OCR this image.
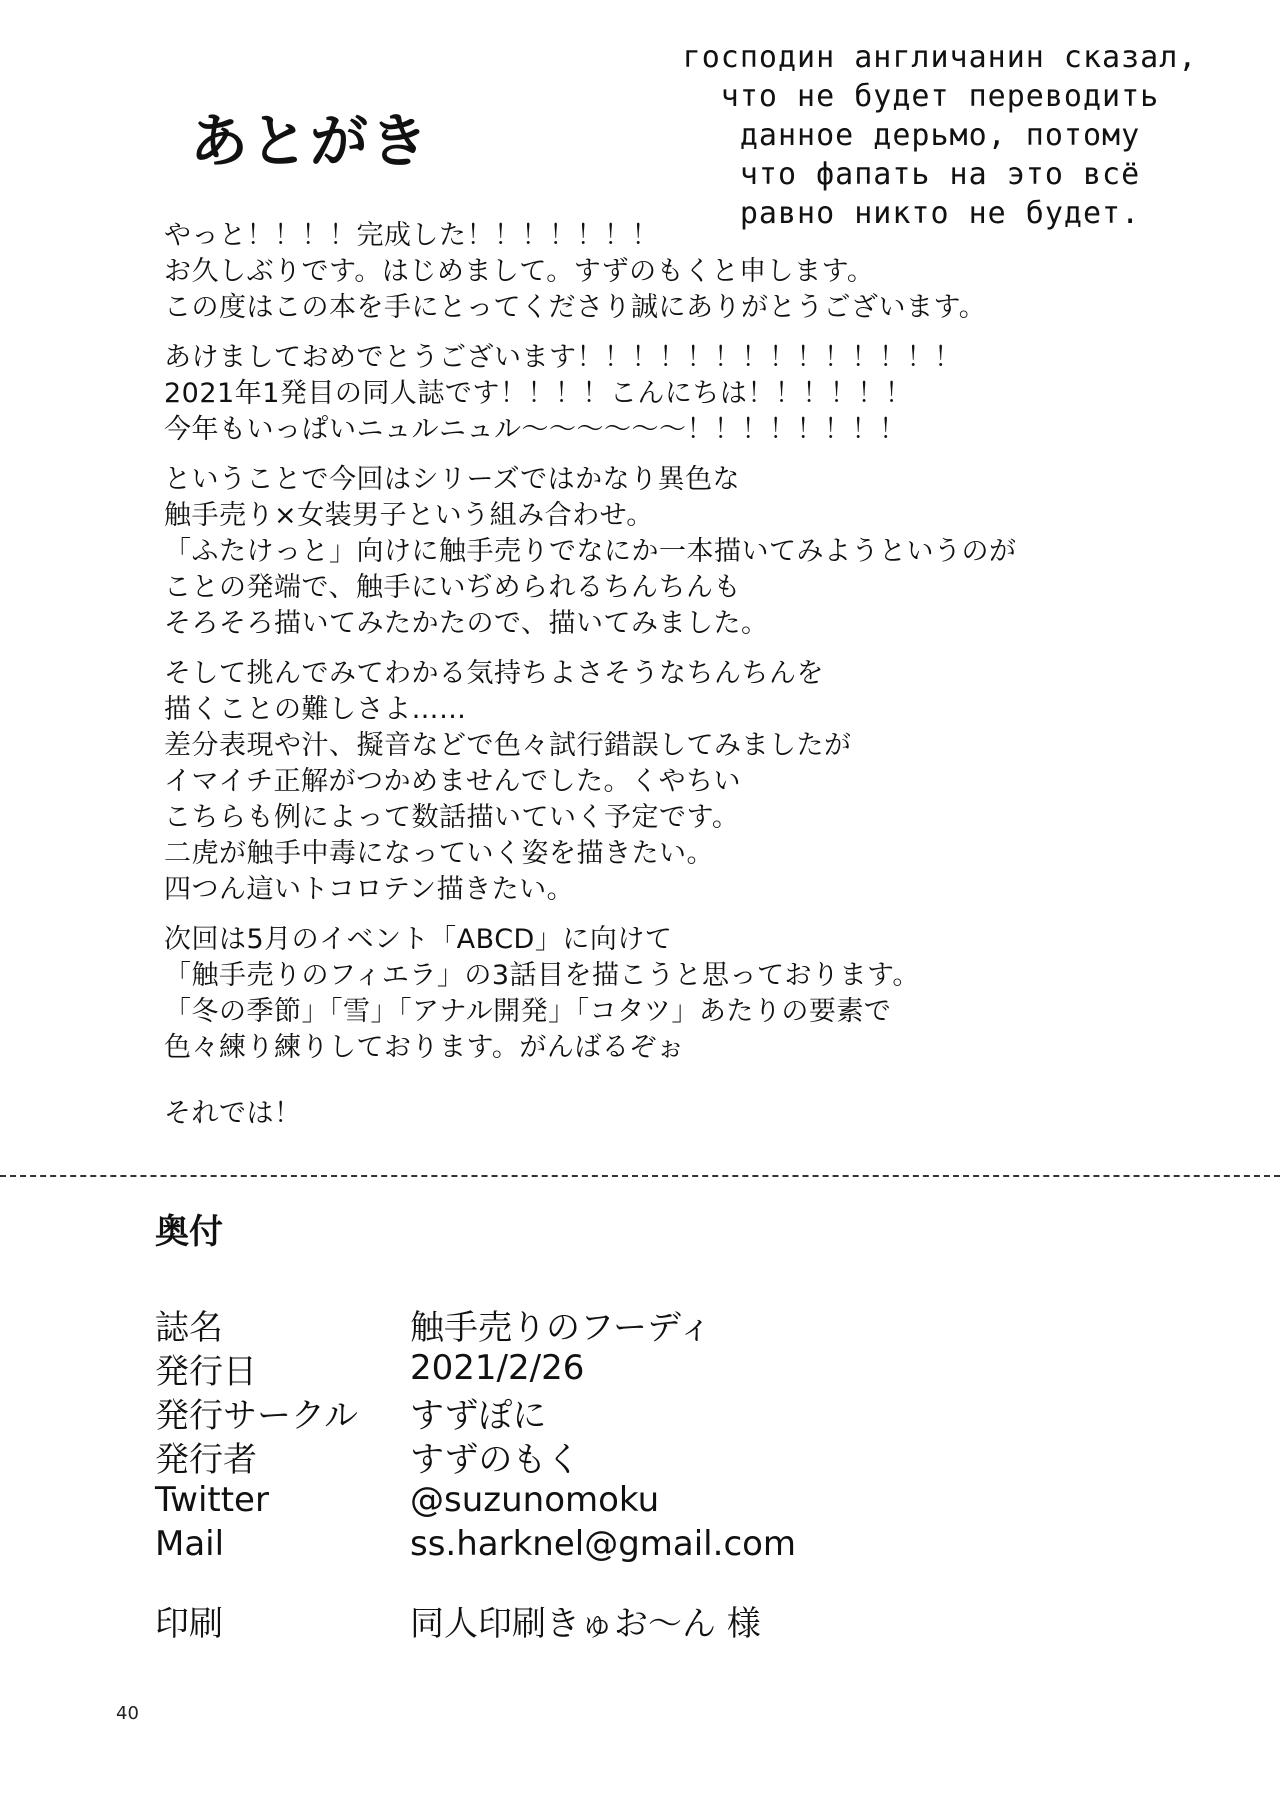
господин англичанин сказал,
что не будет переводить
данное дерьмо, потому
что фапать на это всё
равно никто не будет.
あとがき
やっと！！！！完成した！！！！！！！
お久しぶりです。はじめまして。すずのもくと申します。
この度はこの本を手にとってくださり誠にありがとうございます。
あけましておめでとうございます！！！！！！！！！！！！！！
2021年1発目の同人誌です！！！！こんにちは！！！！！！
今年もいっぱいニュルニュル〜〜〜〜〜〜！！！！！！！！
ということで今回はシリーズではかなり異色な
触手売り×女装男子という組み合わせ。
「ふたけっと」向けに触手売りでなにか一本描いてみようというのが
ことの発端で、触手にいぢめられるちんちんも
そろそろ描いてみたかたので、描いてみました。
そして挑んでみてわかる気持ちよさそうなちんちんを
描くことの難しさよ……
差分表現や汁、擬音などで色々試行錯誤してみましたが
イマイチ正解がつかめませんでした。くやちい
こちらも例によって数話描いていく予定です。
二虎が触手中毒になっていく姿を描きたい。
四つん這いトコロテン描きたい。
次回は5月のイベント「ABCD」に向けて
「触手売りのフィエラ」の3話目を描こうと思っております。
「冬の季節」「雪」「アナル開発」「コタツ」あたりの要素で
色々練り練りしております。がんばるぞぉ
それでは！
奥付
誌名	触手売りのフーディ
発行日	2021/2/26
発行サークル	すずぽに
発行者	すずのもく
Twitter	@suzunomoku
Mail	ss.harknel@gmail.com
印刷	同人印刷きゅお〜ん 様
40
